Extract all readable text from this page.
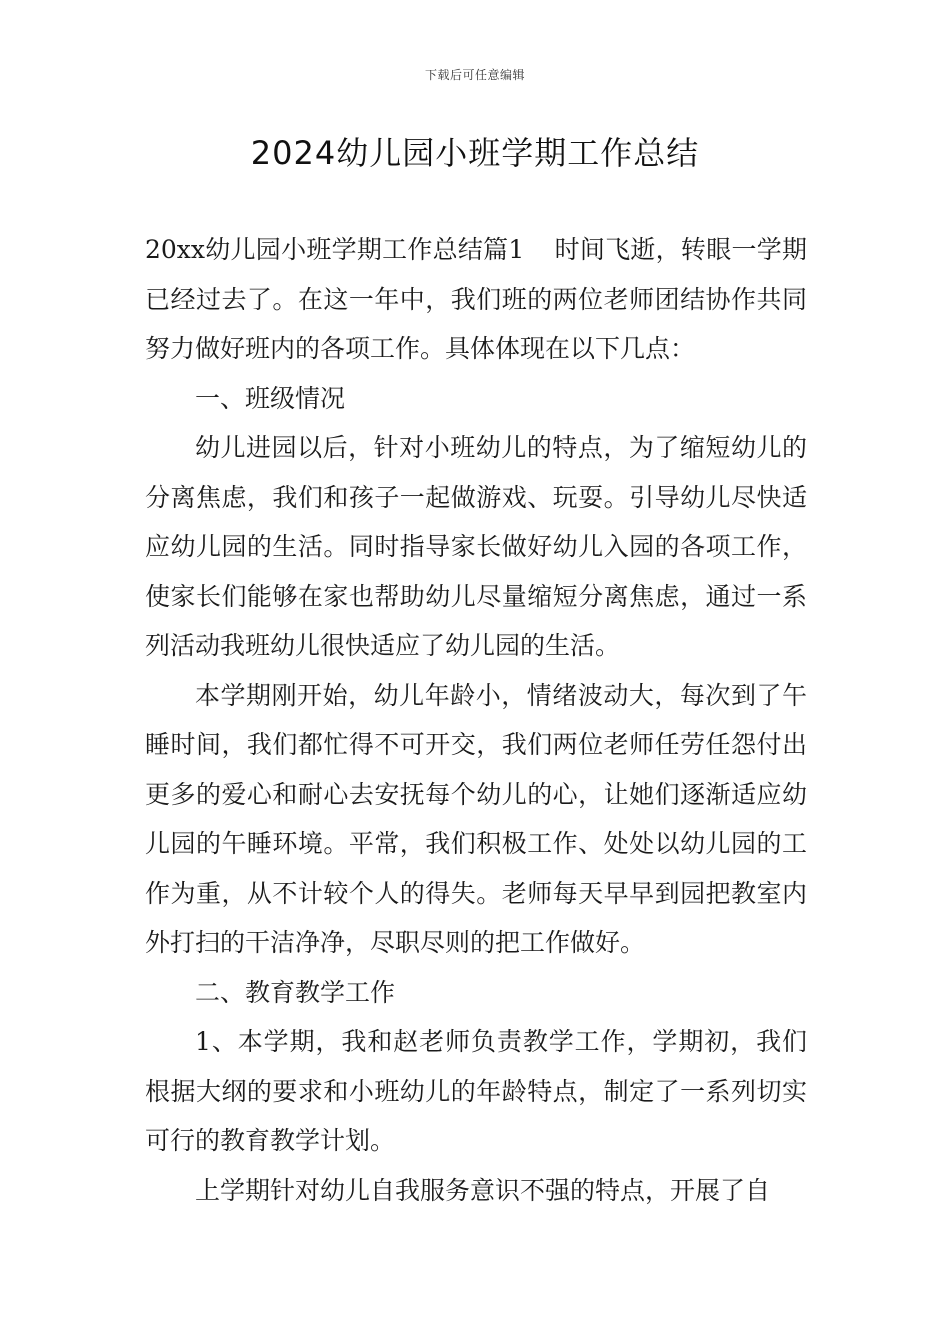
下载后可任意编辑
2024幼儿园小班学期工作总结

20xx幼儿园小班学期工作总结篇1 时间飞逝，转眼一学期已经过去了。在这一年中，我们班的两位老师团结协作共同努力做好班内的各项工作。具体体现在以下几点：

一、班级情况

幼儿进园以后，针对小班幼儿的特点，为了缩短幼儿的分离焦虑，我们和孩子一起做游戏、玩耍。引导幼儿尽快适应幼儿园的生活。同时指导家长做好幼儿入园的各项工作，使家长们能够在家也帮助幼儿尽量缩短分离焦虑，通过一系列活动我班幼儿很快适应了幼儿园的生活。

本学期刚开始，幼儿年龄小，情绪波动大，每次到了午睡时间，我们都忙得不可开交，我们两位老师任劳任怨付出更多的爱心和耐心去安抚每个幼儿的心，让她们逐渐适应幼儿园的午睡环境。平常，我们积极工作、处处以幼儿园的工作为重，从不计较个人的得失。老师每天早早到园把教室内外打扫的干洁净净，尽职尽则的把工作做好。

二、教育教学工作

1、本学期，我和赵老师负责教学工作，学期初，我们根据大纲的要求和小班幼儿的年龄特点，制定了一系列切实可行的教育教学计划。

上学期针对幼儿自我服务意识不强的特点，开展了自
